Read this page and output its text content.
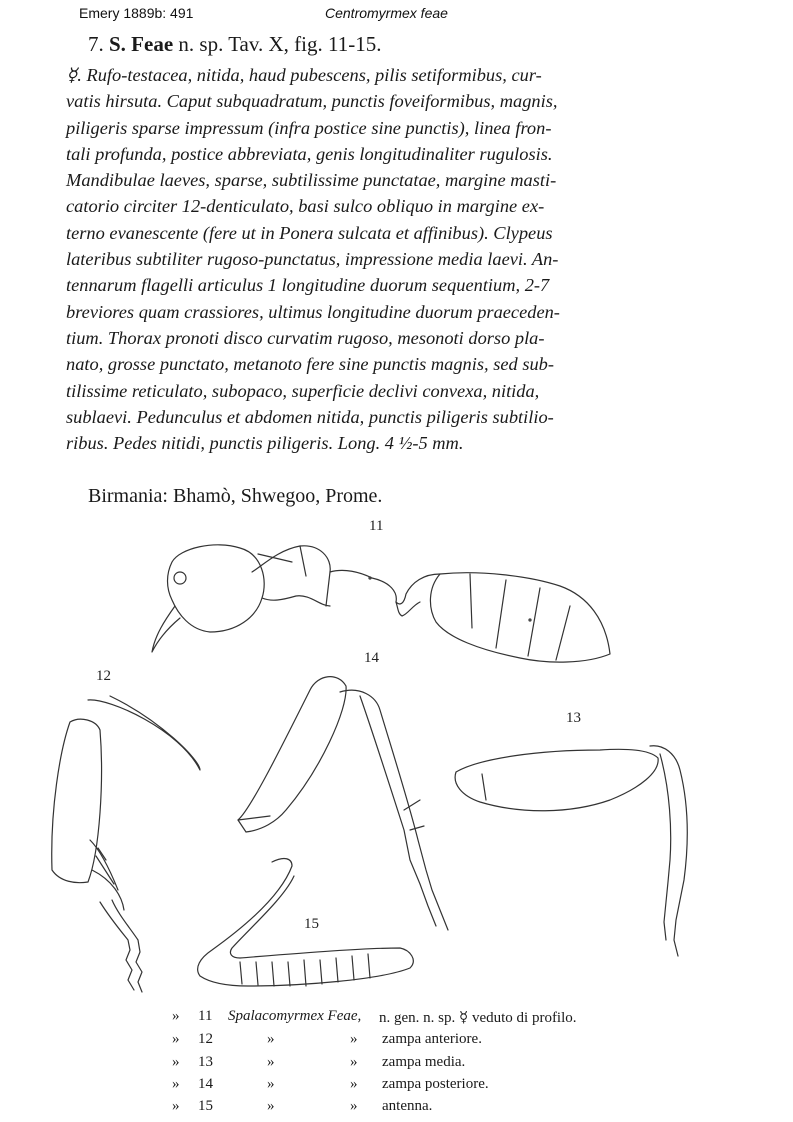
Emery 1889b: 491	Centromyrmex feae
7. S. Feae n. sp. Tav. X, fig. 11-15.
☿. Rufo-testacea, nitida, haud pubescens, pilis setiformibus, cur-
vatis hirsuta. Caput subquadratum, punctis foveiformibus, magnis,
piligeris sparse impressum (infra postice sine punctis), linea fron-
tali profunda, postice abbreviata, genis longitudinaliter rugulosis.
Mandibulae laeves, sparse, subtilissime punctatae, margine masti-
catorio circiter 12-denticulato, basi sulco obliquo in margine ex-
terno evanescente (fere ut in Ponera sulcata et affinibus). Clypeus
lateribus subtiliter rugoso-punctatus, impressione media laevi. An-
tennarum flagelli articulus 1 longitudine duorum sequentium, 2-7
breviores quam crassiores, ultimus longitudine duorum praeceden-
tium. Thorax pronoti disco curvatim rugoso, mesonoti dorso pla-
nato, grosse punctato, metanoto fere sine punctis magnis, sed sub-
tilissime reticulato, subopaco, superficie declivi convexa, nitida,
sublaevi. Pedunculus et abdomen nitida, punctis piligeris subtilio-
ribus. Pedes nitidi, punctis piligeris. Long. 4 ½-5 mm.
Birmania: Bhamò, Shwegoo, Prome.
11
12
13
14
15
» 11 Spalacomyrmex Feae, n. gen. n. sp. ☿ veduto di profilo.
» 12	»	» zampa anteriore.
» 13	»	» zampa media.
» 14	»	» zampa posteriore.
» 15	»	» antenna.
